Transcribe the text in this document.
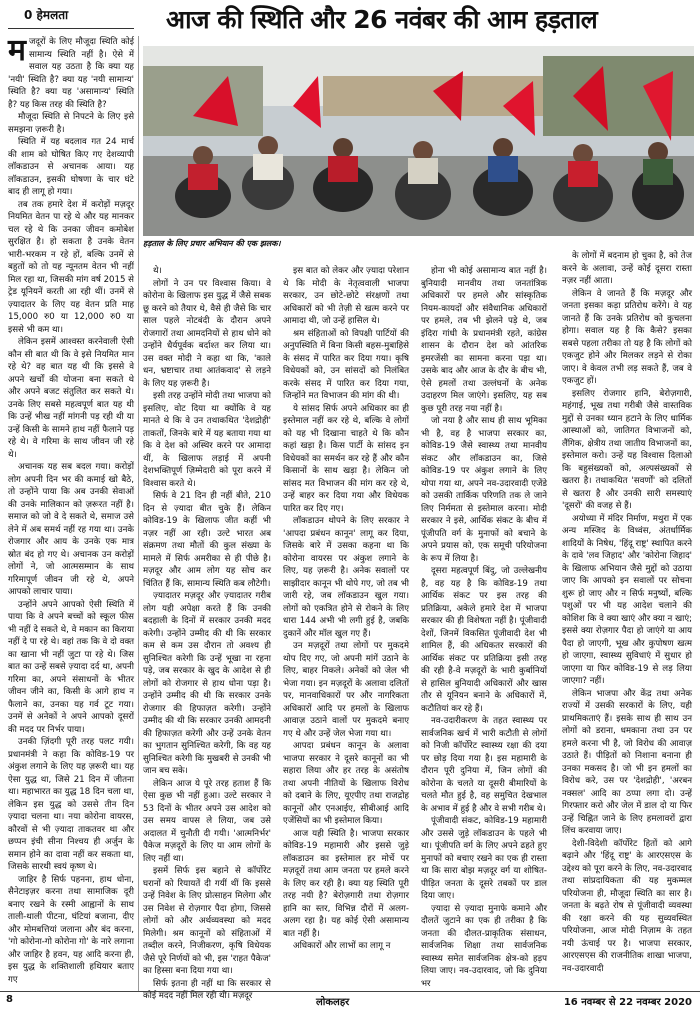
0 हेमलता	आज की स्थिति और 26 नवंबर की आम हड़ताल
हड़ताल के लिए प्रचार अभियान की एक झलक।

मजदूरों के लिए मौजूदा स्थिति कोई सामान्य स्थिति नहीं है। ऐसे में सवाल यह उठता है कि क्या यह 'नयी' स्थिति है? क्या यह 'नयी सामान्य' स्थिति है? क्या यह 'असामान्य' स्थिति है? यह किस तरह की स्थिति है?

मौजूदा स्थिति से निपटने के लिए इसे समझना ज़रूरी है।

स्थिति में यह बदलाव गत 24 मार्च की शाम को घोषित किए गए देशव्यापी लॉकडाउन से अचानक आया। यह लॉकडाउन, इसकी घोषणा के चार घंटे बाद ही लागू हो गया।

तब तक हमारे देश में करोड़ों मज़दूर नियमित वेतन पा रहे थे और यह मानकर चल रहे थे कि उनका जीवन कमोबेश सुरक्षित है। हो सकता है उनके वेतन भारी-भरकम न रहे हों, बल्कि उनमें से बहुतों को तो यह न्यूनतम वेतन भी नहीं मिल रहा था, जिसकी मांग वर्ष 2015 से ट्रेड यूनियनें करती आ रही थीं। उनमें से ज़्यादातर के लिए यह वेतन प्रति माह 15,000 रु0 या 12,000 रु0 या इससे भी कम था।

लेकिन इसमें आश्वस्त करनेवाली ऐसी कौन सी बात थी कि वे इसे नियमित मान रहे थे? वह बात यह थी कि इससे वे अपने खर्चों की योजना बना सकते थे और अपने बजट संतुलित कर सकते थे। उनके लिए सबसे महत्वपूर्ण बात यह थी कि उन्हें भीख नहीं मांगनी पड़ रही थी या उन्हें किसी के सामने हाथ नहीं फैलाने पड़ रहे थे। वे गरिमा के साथ जीवन जी रहे थे।

अचानक यह सब बदल गया। करोड़ों लोग अपनी दिन भर की कमाई खो बैठे, तो उन्होंने पाया कि अब उनकी सेवाओं की उनके मालिकान को ज़रूरत नहीं है। समाज को जो वे दे सकते थे, समाज उसे लेने में अब समर्थ नहीं रह गया था। उनके रोजगार और आय के उनके एक मात्र स्रोत बंद हो गए थे। अचानक उन करोड़ों लोगों ने, जो आत्मसम्मान के साथ गरिमापूर्ण जीवन जी रहे थे, अपने आपको लाचार पाया।

उन्होंने अपने आपको ऐसी स्थिति में पाया कि वे अपने बच्चों को स्कूल फीस भी नहीं दे सकते थे, वे मकान का किराया नहीं दे पा रहे थे। वहां तक कि वे दो वक्त का खाना भी नहीं जुटा पा रहे थे। जिस बात का उन्हें सबसे ज़्यादा दर्द था, अपनी गरिमा का, अपने संसाधनों के भीतर जीवन जीने का, किसी के आगे हाथ न फैलाने का, उनका यह गर्व टूट गया। उनमें से अनेकों ने अपने आपको दूसरों की मदद पर निर्भर पाया।

उनकी ज़िंदगी पूरी तरह पलट गयी। प्रधानमंत्री ने कहा कि कोविड-19 पर अंकुश लगाने के लिए यह ज़रूरी था। यह ऐसा युद्ध था, जिसे 21 दिन में जीतना था। महाभारत का युद्ध 18 दिन चला था, लेकिन इस युद्ध को उससे तीन दिन ज़्यादा चलना था। नया कोरोना वायरस, कौरवों से भी ज़्यादा ताकतवर था और छप्पन इंची सीना निश्चय ही अर्जुन के समान होने का दावा नहीं कर सकता था, जिसके सारथी स्वयं कृष्ण थे।

जाहिर है सिर्फ पहनना, हाथ धोना, सैनेटाइज़र करना तथा सामाजिक दूरी बनाए रखने के रस्मी आह्वानों के साथ ताली-थाली पीटना, घंटियां बजाना, दीए और मोमबत्तियां जलाना और बंद करना, 'गो कोरोना-गो कोरोना गो' के नारे लगाना और जाहिर है हवन, यह आदि करना ही, इस युद्ध के शक्तिशाली हथियार बताए गए

थे।

लोगों ने उन पर विश्वास किया। वे कोरोना के खिलाफ इस युद्ध में जैसे सबक छू करने को तैयार थे, वैसे ही जैसे कि चार साल पहले नोटबंदी के दौरान अपने रोजगारों तथा आमदनियों से हाथ धोने को उन्होंने धैर्यपूर्वक बर्दाश्त कर लिया था। उस वक्त मोदी ने कहा था कि, 'काले धन, भ्रष्टाचार तथा आतंकवाद' से लड़ने के लिए यह ज़रूरी है।

इसी तरह उन्होंने मोदी तथा भाजपा को इसलिए, वोट दिया था क्योंकि वे यह मानते थे कि वे उन तथाकथित 'देशद्रोही' ताकतों, जिनके बारे में यह बताया गया था कि वे देश को अस्थिर करने पर आमादा थीं, के खिलाफ लड़ाई में अपनी देशभक्तिपूर्ण ज़िम्मेदारी को पूरा करने में विश्वास करते थे।

सिर्फ वे 21 दिन ही नहीं बीते, 210 दिन से ज़्यादा बीत चुके हैं। लेकिन कोविड-19 के खिलाफ जीत कहीं भी नज़र नहीं आ रही। उल्टे भारत अब संक्रमण तथा मौतों की कुल संख्या के मामले में सिर्फ अमरीका से ही पीछे है। मज़दूर और आम लोग यह सोच कर चिंतित हैं कि, सामान्य स्थिति कब लौटेगी।

ज़्यादातर मज़दूर और ज़्यादातर गरीब लोग यही अपेक्षा करते हैं कि उनकी बदहाली के दिनों में सरकार उनकी मदद करेगी। उन्होंने उम्मीद की थी कि सरकार कम से कम उस दौरान तो अवश्य ही सुनिश्चित करेगी कि उन्हें भूखा ना रहना पड़े, जब सरकार के खुद के आदेश से ही लोगों को रोजगार से हाथ धोना पड़ा है। उन्होंने उम्मीद की थी कि सरकार उनके रोजगार की हिफाज़त करेगी। उन्होंने उम्मीद की थी कि सरकार उनकी आमदनी की हिफाज़त करेगी और उन्हें उनके वेतन का भुगतान सुनिश्चित करेगी, कि वह यह सुनिश्चित करेगी कि मुखबरी से उनकी भी जान बच सके।

लेकिन आज ये पूरे तरह हताश हैं कि ऐसा कुछ भी नहीं हुआ। उल्टे सरकार ने 53 दिनों के भीतर अपने उस आदेश को उस समय वापस ले लिया, जब उसे अदालत में चुनौती दी गयी। 'आत्मनिर्भर' पैकेज मज़दूरों के लिए या आम लोगों के लिए नहीं था।

इसमें सिर्फ इस बहाने से कॉर्पोरेट घरानों को रियायतें दी गयीं थीं कि इससे उन्हें निवेश के लिए प्रोत्साहन मिलेगा और उस निवेश से रोज़गार पैदा होगा, जिससे लोगों को और अर्थव्यवस्था को मदद मिलेगी। श्रम कानूनों को संहिताओं में तब्दील करने, निजीकरण, कृषि विधेयक जैसे पूरे निर्णयों को भी, इस 'राहत पैकेज' का हिस्सा बना दिया गया था।

सिर्फ इतना ही नहीं था कि सरकार से कोई मदद नहीं मिल रही थी। मज़दूर

इस बात को लेकर और ज़्यादा परेशान थे कि मोदी के नेतृत्ववाली भाजपा सरकार, उन छोटे-छोटे संरक्षणों तथा अधिकारों को भी तेज़ी से खत्म करने पर आमादा थी, जो उन्हें हासिल थे।

श्रम संहिताओं को विपक्षी पार्टियों की अनुपस्थिति में बिना किसी बहस-मुबाहिसे के संसद में पारित कर दिया गया। कृषि विधेयकों को, उन सांसदों को निलंबित करके संसद में पारित कर दिया गया, जिन्होंने मत विभाजन की मांग की थी।

ये सांसद सिर्फ अपने अधिकार का ही इस्तेमाल नहीं कर रहे थे, बल्कि वे लोगों को यह भी दिखाना चाहते थे कि कौन कहां खड़ा है। किस पार्टी के सांसद इन विधेयकों का समर्थन कर रहे हैं और कौन किसानों के साथ खड़ा है। लेकिन जो सांसद मत विभाजन की मांग कर रहे थे, उन्हें बाहर कर दिया गया और विधेयक पारित कर दिए गए।

लॉकडाउन थोपने के लिए सरकार ने 'आपदा प्रबंधन कानून' लागू कर दिया, जिसके बारे में उसका कहना था कि कोरोना वायरस पर अंकुश लगाने के लिए, यह ज़रूरी है। अनेक सवालों पर साझीदार कानून भी थोपे गए, जो तब भी जारी रहे, जब लॉकडाउन खुल गया। लोगों को एकत्रित होने से रोकने के लिए धारा 144 अभी भी लगी हुई है, जबकि दुकानें और मॉल खुल गए हैं।

उन मज़दूरों तथा लोगों पर मुकदमे थोप दिए गए, जो अपनी मांगें उठाने के लिए, बाहर निकले। अनेकों को जेल भी भेजा गया। इन मज़दूरों के अलावा दलितों पर, मानवाधिकारों पर और नागरिकता अधिकारों आदि पर हमलों के खिलाफ आवाज़ उठाने वालों पर मुकदमे बनाए गए थे और उन्हें जेल भेजा गया था।

आपदा प्रबंधन कानून के अलावा भाजपा सरकार ने दूसरे कानूनों का भी सहारा लिया और हर तरह के असंतोष तथा अपनी नीतियों के खिलाफ विरोध को दबाने के लिए, यूएपीए तथा राजद्रोह कानूनों और एनआईए, सीबीआई आदि एजेंसियों का भी इस्तेमाल किया।

आज यही स्थिति है। भाजपा सरकार कोविड-19 महामारी और इससे जुड़े लॉकडाउन का इस्तेमाल हर मोर्चे पर मज़दूरों तथा आम जनता पर हमले करने के लिए कर रही है। क्या यह स्थिति पूरी तरह नयी है? बेरोज़गारी तथा रोज़गार हानि का स्तर, विभिन्न दौरों में अलग-अलग रहा है। यह कोई ऐसी असामान्य बात नहीं है।

अधिकारों और लाभों का लागू न

होना भी कोई असामान्य बात नहीं है। बुनियादी मानवीय तथा जनतांत्रिक अधिकारों पर हमले और सांस्कृतिक नियम-कायदों और संवैधानिक अधिकारों पर हमले, तब भी झेलने पड़े थे, जब इंदिरा गांधी के प्रधानमंत्री रहते, कांग्रेस शासन के दौरान देश को आंतरिक इमरजेंसी का सामना करना पड़ा था। उसके बाद और आज के दौर के बीच भी, ऐसे हमलों तथा उल्लंघनों के अनेक उदाहरण मिल जाएंगे। इसलिए, यह सब कुछ पूरी तरह नया नहीं है।

जो नया है और साथ ही साथ भूमिका भी है, वह है भाजपा सरकार का, कोविड-19 जैसे स्वास्थ्य तथा मानवीय संकट और लॉकडाउन का, जिसे कोविड-19 पर अंकुश लगाने के लिए थोपा गया था, अपने नव-उदारवादी एजेंडे को उसकी तार्किक परिणति तक ले जाने लिए निर्ममता से इस्तेमाल करना। मोदी सरकार ने इसे, आर्थिक संकट के बीच में पूंजीपति वर्ग के मुनाफों को बचाने के अपने प्रयास को, एक समूची परियोजना के रूप में लिया है।

दूसरा महत्वपूर्ण बिंदु, जो उल्लेखनीय है, वह यह है कि कोविड-19 तथा आर्थिक संकट पर इस तरह की प्रतिक्रिया, अकेले हमारे देश में भाजपा सरकार की ही विशेषता नहीं है। पूंजीवादी देशों, जिनमें विकसित पूंजीवादी देश भी शामिल हैं, की अधिकतर सरकारों की आर्थिक संकट पर प्रतिक्रिया इसी तरह की रही है-वे मज़दूरों के भारी कुर्बानियों से हासिल बुनियादी अधिकारों और खास तौर से यूनियन बनाने के अधिकारों में, कटौतियां कर रहे हैं।

नव-उदारीकरण के तहत स्वास्थ्य पर सार्वजनिक खर्च में भारी कटौती से लोगों को निजी कॉर्पोरेट स्वास्थ्य रक्षा की दया पर छोड़ दिया गया है। इस महामारी के दौरान पूरी दुनिया में, जिन लोगों की कोरोना के चलते या दूसरी बीमारियों के चलते मौत हुई है, वह समुचित देखभाल के अभाव में हुई है और वे सभी गरीब थे।

पूंजीवादी संकट, कोविड-19 महामारी और उससे जुड़े लॉकडाउन के पहले भी था। पूंजीपति वर्ग के लिए अपने ढहते हुए मुनाफों को बचाए रखने का एक ही रास्ता था कि सारा बोझ मज़दूर वर्ग या शोषित-पीड़ित जनता के दूसरे तबकों पर डाल दिया जाए।

ज़्यादा से ज़्यादा मुनाफे कमाने और दौलतें जुटाने का एक ही तरीका है कि जनता की दौलत-प्राकृतिक संसाधन, सार्वजनिक शिक्षा तथा सार्वजनिक स्वास्थ्य समेत सार्वजनिक क्षेत्र-को हड़प लिया जाए। नव-उदारवाद, जो कि दुनिया भर

के लोगों में बदनाम हो चुका है, को तेज करने के अलावा, उन्हें कोई दूसरा रास्ता नज़र नहीं आता।

लेकिन वे जानते हैं कि मज़दूर और जनता इसका कड़ा प्रतिरोध करेंगे। वे यह जानते हैं कि उनके प्रतिरोध को कुचलना होगा। सवाल यह है कि कैसे? इसका सबसे पहला तरीका तो यह है कि लोगों को एकजुट होने और मिलकर लड़ने से रोका जाए। वे केवल तभी लड़ सकते हैं, जब वे एकजुट हों।

इसलिए रोजगार हानि, बेरोज़गारी, महंगाई, भूख तथा गरीबी जैसे वास्तविक मुद्दों से उनका ध्यान हटाने के लिए धार्मिक आस्थाओं को, जातिगत विभाजनों को, लैंगिक, क्षेत्रीय तथा जातीय विभाजनों का, इस्तेमाल करो। उन्हें यह विश्वास दिलाओ कि बहुसंख्यकों को, अल्पसंख्यकों से खतरा है। तथाकथित 'सवर्णों' को दलितों से खतरा है और उनकी सारी समस्याएं 'दूसरों' की वजह से हैं।

अयोध्या में मंदिर निर्माण, मथुरा में एक अन्य मस्जिद के विध्वंस, अंतर्धार्मिक शादियों के निषेध, 'हिंदू राष्ट्र' स्थापित करने के दावे 'लव जिहाद' और 'कोरोना जिहाद' के खिलाफ अभियान जैसे मुद्दों को उठाया जाए कि आपको इन सवालों पर सोचना शुरू हो जाए और न सिर्फ मनुष्यों, बल्कि पशुओं पर भी यह आदेश चलाने की कोशिश कि वे क्या खाएं और क्या न खाएं; इससे क्या रोज़गार पैदा हो जाएंगे या आय पैदा हो जाएगी, भूख और कुपोषण खत्म हो जाएगा, स्वास्थ्य सुविधाएं में सुधार हो जाएगा या फिर कोविड-19 से लड़ लिया जाएगा? नहीं।

लेकिन भाजपा और केंद्र तथा अनेक राज्यों में उसकी सरकारों के लिए, यही प्राथमिकताएं हैं। इसके साथ ही साथ उन लोगों को डराना, धमकाना तथा उन पर हमले करना भी है, जो विरोध की आवाज़ उठाते हैं। पीड़ितों को निशाना बनाना ही उनका मकसद है। जो भी इन हमलों का विरोध करे, उस पर 'देशद्रोही', 'अरबन नक्सल' आदि का ठप्पा लगा दो। उन्हें गिरफ्तार करो और जेल में डाल दो या फिर उन्हें चिह्नित जाने के लिए हमलावरों द्वारा लिंच करवाया जाए।

देशी-विदेशी कॉर्पोरेट हितों को आगे बढ़ाने और 'हिंदू राष्ट्र' के आरएसएस के उद्देश्य को पूरा करने के लिए, नव-उदारवाद तथा सांप्रदायिकता की यह मुकम्मल परियोजना ही, मौजूदा स्थिति का सार है। जनता के बढ़ते रोष से पूंजीवादी व्यवस्था की रक्षा करने की यह सुव्यवस्थित परियोजना, आज मोदी निज़ाम के तहत नयी ऊंचाई पर है। भाजपा सरकार, आरएसएस की राजनीतिक शाखा भाजपा, नव-उदारवादी

8	लोकलहर	16 नवम्बर से 22 नवम्बर 2020
